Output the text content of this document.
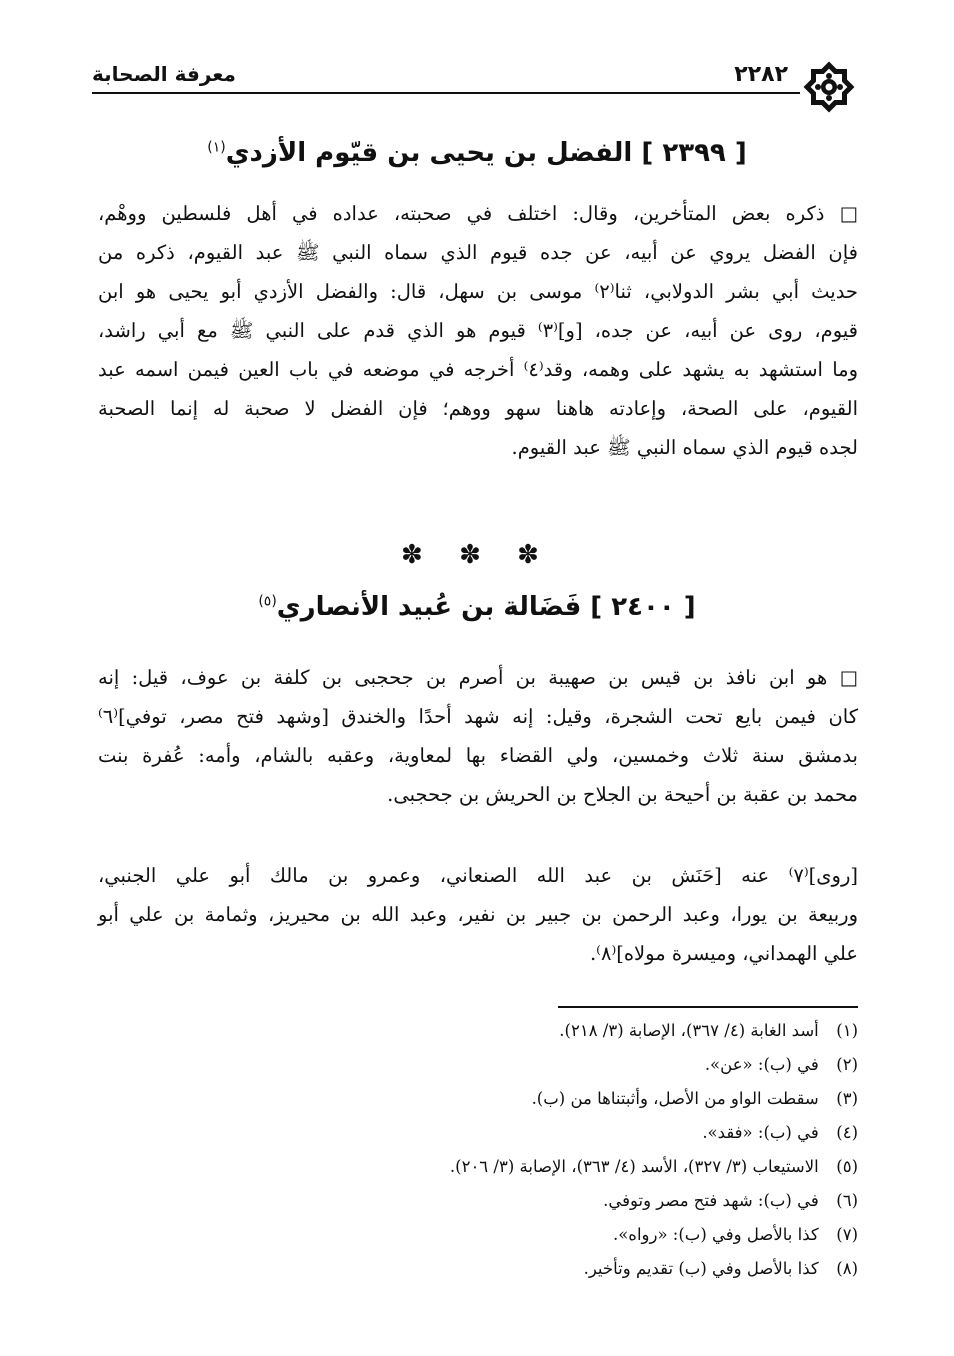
٢٢٨٢
معرفة الصحابة
[ ٢٣٩٩ ] الفضل بن يحيى بن قيّوم الأزدي$^{(١)}$
□ ذكره بعض المتأخرين، وقال: اختلف في صحبته، عداده في أهل فلسطين ووهْم،
فإن الفضل يروي عن أبيه، عن جده قيوم الذي سماه النبي ﷺ عبد القيوم، ذكره من
حديث أبي بشر الدولابي، ثنا⁽٢⁾ موسى بن سهل، قال: والفضل الأزدي أبو يحيى هو ابن
قيوم، روى عن أبيه، عن جده، [و]⁽٣⁾ قيوم هو الذي قدم على النبي ﷺ مع أبي راشد،
وما استشهد به يشهد على وهمه، وقد⁽٤⁾ أخرجه في موضعه في باب العين فيمن اسمه عبد
القيوم، على الصحة، وإعادته هاهنا سهو ووهم؛ فإن الفضل لا صحبة له إنما الصحبة
لجده قيوم الذي سماه النبي ﷺ عبد القيوم.
✽ ✽ ✽
[ ٢٤٠٠ ] فَضَالة بن عُبيد الأنصاري$^{(٥)}$
□ هو ابن نافذ بن قيس بن صهيبة بن أصرم بن جحجبى بن كلفة بن عوف، قيل: إنه
كان فيمن بايع تحت الشجرة، وقيل: إنه شهد أحدًا والخندق [وشهد فتح مصر، توفي]⁽٦⁾
بدمشق سنة ثلاث وخمسين، ولي القضاء بها لمعاوية، وعقبه بالشام، وأمه: عُفرة بنت
محمد بن عقبة بن أحيحة بن الجلاح بن الحريش بن جحجبى.
[روى]⁽٧⁾ عنه [حَنَش بن عبد الله الصنعاني، وعمرو بن مالك أبو علي الجنبي،
وربيعة بن يورا، وعبد الرحمن بن جبير بن نفير، وعبد الله بن محيريز، وثمامة بن علي أبو
علي الهمداني، وميسرة مولاه]⁽٨⁾.
(١) أسد الغابة (٤/ ٣٦٧)، الإصابة (٣/ ٢١٨).
(٢) في (ب): «عن».
(٣) سقطت الواو من الأصل، وأثبتناها من (ب).
(٤) في (ب): «فقد».
(٥) الاستيعاب (٣/ ٣٢٧)، الأسد (٤/ ٣٦٣)، الإصابة (٣/ ٢٠٦).
(٦) في (ب): شهد فتح مصر وتوفي.
(٧) كذا بالأصل وفي (ب): «رواه».
(٨) كذا بالأصل وفي (ب) تقديم وتأخير.
